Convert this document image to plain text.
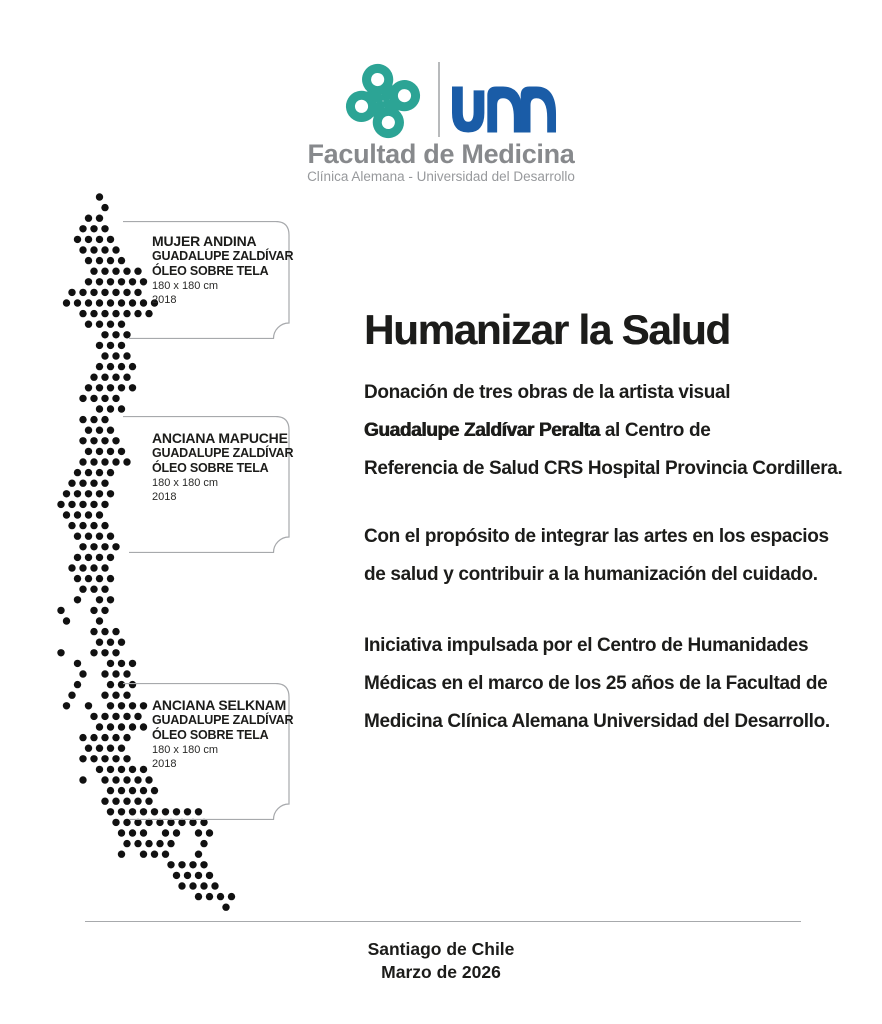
Facultad de Medicina
Clínica Alemana - Universidad del Desarrollo
MUJER ANDINA
GUADALUPE ZALDÍVAR
ÓLEO SOBRE TELA
180 x 180 cm
2018
ANCIANA MAPUCHE
GUADALUPE ZALDÍVAR
ÓLEO SOBRE TELA
180 x 180 cm
2018
ANCIANA SELKNAM
GUADALUPE ZALDÍVAR
ÓLEO SOBRE TELA
180 x 180 cm
2018
Humanizar la Salud
Donación de tres obras de la artista visual
Guadalupe Zaldívar Peralta al Centro de
Referencia de Salud CRS Hospital Provincia Cordillera.
Con el propósito de integrar las artes en los espacios
de salud y contribuir a la humanización del cuidado.
Iniciativa impulsada por el Centro de Humanidades
Médicas en el marco de los 25 años de la Facultad de
Medicina Clínica Alemana Universidad del Desarrollo.
Santiago de Chile
Marzo de 2026
